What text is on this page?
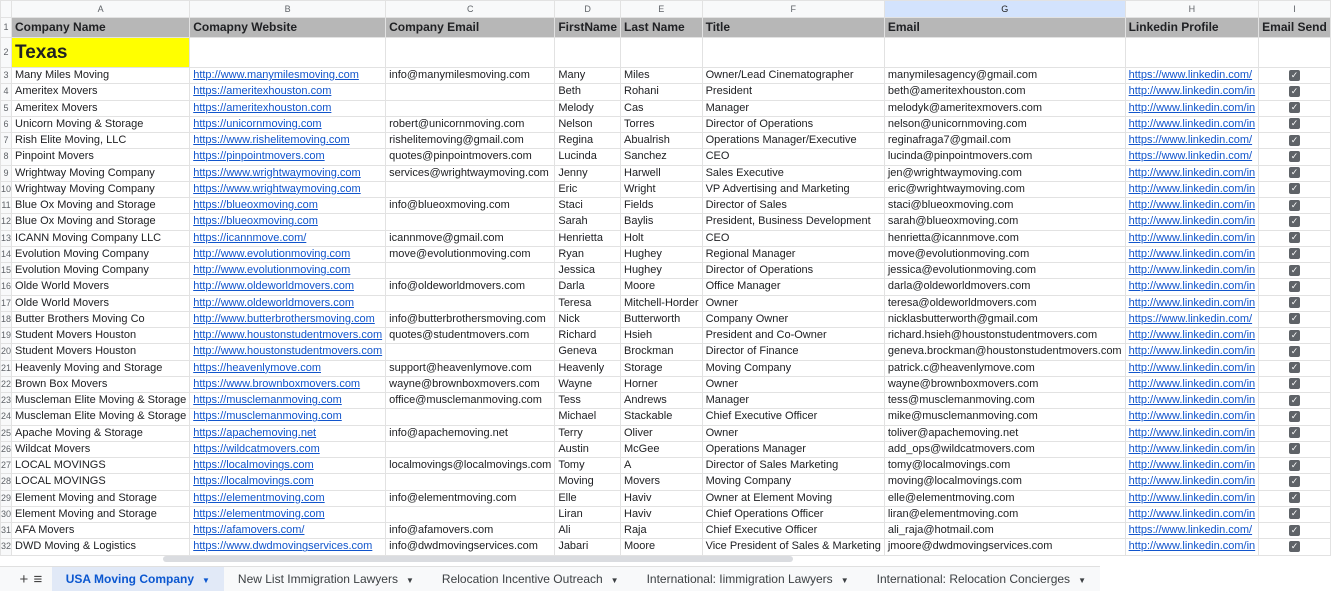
	A	B	C	D	E	F	G	H	I
1	Company Name	Comapny Website	Company Email	FirstName	Last Name	Title	Email	Linkedin Profile	Email Send
2	Texas								
3	Many Miles Moving	http://www.manymilesmoving.com	info@manymilesmoving.com	Many	Miles	Owner/Lead Cinematographer	manymilesagency@gmail.com	https://www.linkedin.com/	✓
4	Ameritex Movers	https://ameritexhouston.com		Beth	Rohani	President	beth@ameritexhouston.com	http://www.linkedin.com/in	✓
5	Ameritex Movers	https://ameritexhouston.com		Melody	Cas	Manager	melodyk@ameritexmovers.com	http://www.linkedin.com/in	✓
6	Unicorn Moving & Storage	https://unicornmoving.com	robert@unicornmoving.com	Nelson	Torres	Director of Operations	nelson@unicornmoving.com	http://www.linkedin.com/in	✓
7	Rish Elite Moving, LLC	https://www.rishelitemoving.com	rishelitemoving@gmail.com	Regina	Abualrish	Operations Manager/Executive	reginafraga7@gmail.com	https://www.linkedin.com/	✓
8	Pinpoint Movers	https://pinpointmovers.com	quotes@pinpointmovers.com	Lucinda	Sanchez	CEO	lucinda@pinpointmovers.com	https://www.linkedin.com/	✓
9	Wrightway Moving Company	https://www.wrightwaymoving.com	services@wrightwaymoving.com	Jenny	Harwell	Sales Executive	jen@wrightwaymoving.com	http://www.linkedin.com/in	✓
10	Wrightway Moving Company	https://www.wrightwaymoving.com		Eric	Wright	VP Advertising and Marketing	eric@wrightwaymoving.com	http://www.linkedin.com/in	✓
11	Blue Ox Moving and Storage	https://blueoxmoving.com	info@blueoxmoving.com	Staci	Fields	Director of Sales	staci@blueoxmoving.com	http://www.linkedin.com/in	✓
12	Blue Ox Moving and Storage	https://blueoxmoving.com		Sarah	Baylis	President, Business Development	sarah@blueoxmoving.com	http://www.linkedin.com/in	✓
13	ICANN Moving Company LLC	https://icannmove.com/	icannmove@gmail.com	Henrietta	Holt	CEO	henrietta@icannmove.com	http://www.linkedin.com/in	✓
14	Evolution Moving Company	http://www.evolutionmoving.com	move@evolutionmoving.com	Ryan	Hughey	Regional Manager	move@evolutionmoving.com	http://www.linkedin.com/in	✓
15	Evolution Moving Company	http://www.evolutionmoving.com		Jessica	Hughey	Director of Operations	jessica@evolutionmoving.com	http://www.linkedin.com/in	✓
16	Olde World Movers	http://www.oldeworldmovers.com	info@oldeworldmovers.com	Darla	Moore	Office Manager	darla@oldeworldmovers.com	http://www.linkedin.com/in	✓
17	Olde World Movers	http://www.oldeworldmovers.com		Teresa	Mitchell-Horder	Owner	teresa@oldeworldmovers.com	http://www.linkedin.com/in	✓
18	Butter Brothers Moving Co	http://www.butterbrothersmoving.com	info@butterbrothersmoving.com	Nick	Butterworth	Company Owner	nicklasbutterworth@gmail.com	https://www.linkedin.com/	✓
19	Student Movers Houston	http://www.houstonstudentmovers.com	quotes@studentmovers.com	Richard	Hsieh	President and Co-Owner	richard.hsieh@houstonstudentmovers.com	http://www.linkedin.com/in	✓
20	Student Movers Houston	http://www.houstonstudentmovers.com		Geneva	Brockman	Director of Finance	geneva.brockman@houstonstudentmovers.com	http://www.linkedin.com/in	✓
21	Heavenly Moving and Storage	https://heavenlymove.com	support@heavenlymove.com	Heavenly	Storage	Moving Company	patrick.c@heavenlymove.com	http://www.linkedin.com/in	✓
22	Brown Box Movers	https://www.brownboxmovers.com	wayne@brownboxmovers.com	Wayne	Horner	Owner	wayne@brownboxmovers.com	http://www.linkedin.com/in	✓
23	Muscleman Elite Moving & Storage	https://musclemanmoving.com	office@musclemanmoving.com	Tess	Andrews	Manager	tess@musclemanmoving.com	http://www.linkedin.com/in	✓
24	Muscleman Elite Moving & Storage	https://musclemanmoving.com		Michael	Stackable	Chief Executive Officer	mike@musclemanmoving.com	http://www.linkedin.com/in	✓
25	Apache Moving & Storage	https://apachemoving.net	info@apachemoving.net	Terry	Oliver	Owner	toliver@apachemoving.net	http://www.linkedin.com/in	✓
26	Wildcat Movers	https://wildcatmovers.com		Austin	McGee	Operations Manager	add_ops@wildcatmovers.com	http://www.linkedin.com/in	✓
27	LOCAL MOVINGS	https://localmovings.com	localmovings@localmovings.com	Tomy	A	Director of Sales Marketing	tomy@localmovings.com	http://www.linkedin.com/in	✓
28	LOCAL MOVINGS	https://localmovings.com		Moving	Movers	Moving Company	moving@localmovings.com	http://www.linkedin.com/in	✓
29	Element Moving and Storage	https://elementmoving.com	info@elementmoving.com	Elle	Haviv	Owner at Element Moving	elle@elementmoving.com	http://www.linkedin.com/in	✓
30	Element Moving and Storage	https://elementmoving.com		Liran	Haviv	Chief Operations Officer	liran@elementmoving.com	http://www.linkedin.com/in	✓
31	AFA Movers	https://afamovers.com/	info@afamovers.com	Ali	Raja	Chief Executive Officer	ali_raja@hotmail.com	https://www.linkedin.com/	✓
32	DWD Moving & Logistics	https://www.dwdmovingservices.com	info@dwdmovingservices.com	Jabari	Moore	Vice President of Sales & Marketing	jmoore@dwdmovingservices.com	http://www.linkedin.com/in	✓
+ ≡	USA Moving Company ▼	New List Immigration Lawyers ▼	Relocation Incentive Outreach ▼	International: Iimmigration Lawyers ▼	International: Relocation Concierges ▼
